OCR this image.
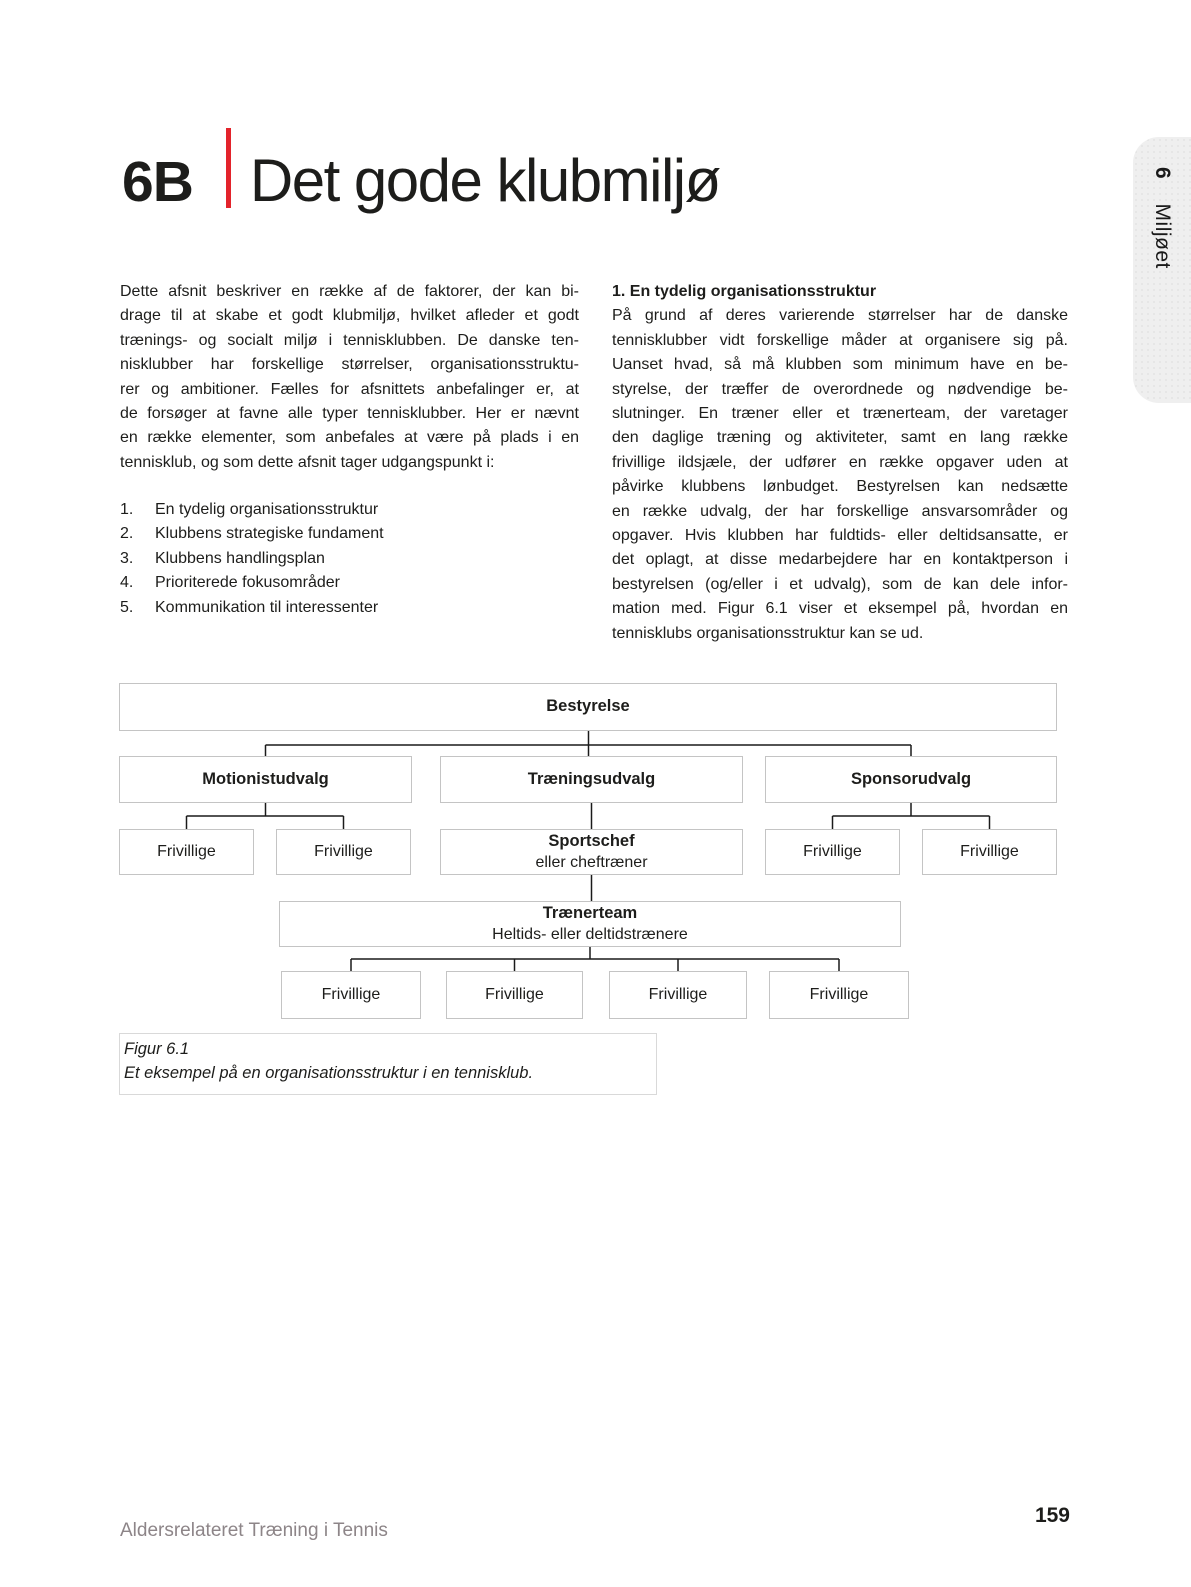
6B Det gode klubmiljø
Dette afsnit beskriver en række af de faktorer, der kan bi-
drage til at skabe et godt klubmiljø, hvilket afleder et godt
trænings- og socialt miljø i tennisklubben. De danske ten-
nisklubber har forskellige størrelser, organisationsstruktu-
rer og ambitioner. Fælles for afsnittets anbefalinger er, at
de forsøger at favne alle typer tennisklubber. Her er nævnt
en række elementer, som anbefales at være på plads i en
tennisklub, og som dette afsnit tager udgangspunkt i:
1.	En tydelig organisationsstruktur
2.	Klubbens strategiske fundament
3.	Klubbens handlingsplan
4.	Prioriterede fokusområder
5.	Kommunikation til interessenter
1. En tydelig organisationsstruktur
På grund af deres varierende størrelser har de danske
tennisklubber vidt forskellige måder at organisere sig på.
Uanset hvad, så må klubben som minimum have en be-
styrelse, der træffer de overordnede og nødvendige be-
slutninger. En træner eller et trænerteam, der varetager
den daglige træning og aktiviteter, samt en lang række
frivillige ildsjæle, der udfører en række opgaver uden at
påvirke klubbens lønbudget. Bestyrelsen kan nedsætte
en række udvalg, der har forskellige ansvarsområder og
opgaver. Hvis klubben har fuldtids- eller deltidsansatte, er
det oplagt, at disse medarbejdere har en kontaktperson i
bestyrelsen (og/eller i et udvalg), som de kan dele infor-
mation med. Figur 6.1 viser et eksempel på, hvordan en
tennisklubs organisationsstruktur kan se ud.
Bestyrelse
Motionistudvalg	Træningsudvalg	Sponsorudvalg
Frivillige	Frivillige
Sportschef
eller cheftræner
Frivillige	Frivillige
Trænerteam
Heltids- eller deltidstrænere
Frivillige	Frivillige	Frivillige	Frivillige
Figur 6.1
Et eksempel på en organisationsstruktur i en tennisklub.
6 Miljøet
Aldersrelateret Træning i Tennis
159
